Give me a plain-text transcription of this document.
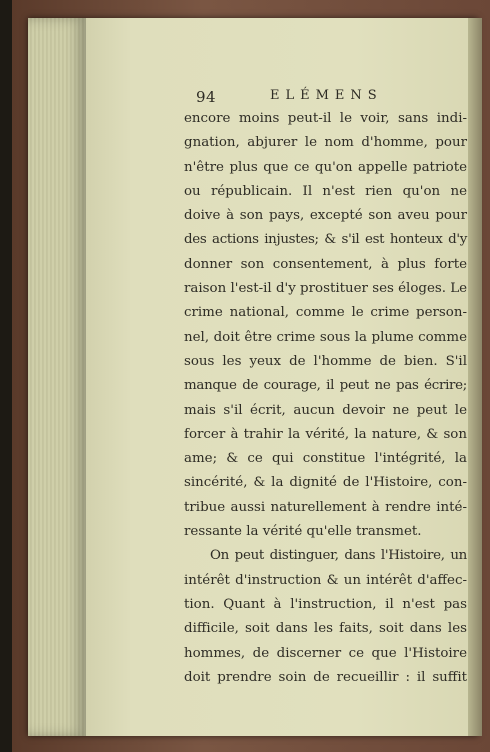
94	ELÉMENS
encore moins peut-il le voir, sans indi-
gnation, abjurer le nom d'homme, pour
n'être plus que ce qu'on appelle patriote
ou républicain. Il n'est rien qu'on ne
doive à son pays, excepté son aveu pour
des actions injustes; & s'il est honteux d'y
donner son consentement, à plus forte
raison l'est-il d'y prostituer ses éloges. Le
crime national, comme le crime person-
nel, doit être crime sous la plume comme
sous les yeux de l'homme de bien. S'il
manque de courage, il peut ne pas écrire;
mais s'il écrit, aucun devoir ne peut le
forcer à trahir la vérité, la nature, & son
ame; & ce qui constitue l'intégrité, la
sincérité, & la dignité de l'Histoire, con-
tribue aussi naturellement à rendre inté-
ressante la vérité qu'elle transmet.
On peut distinguer, dans l'Histoire, un
intérêt d'instruction & un intérêt d'affec-
tion. Quant à l'instruction, il n'est pas
difficile, soit dans les faits, soit dans les
hommes, de discerner ce que l'Histoire
doit prendre soin de recueillir : il suffit
